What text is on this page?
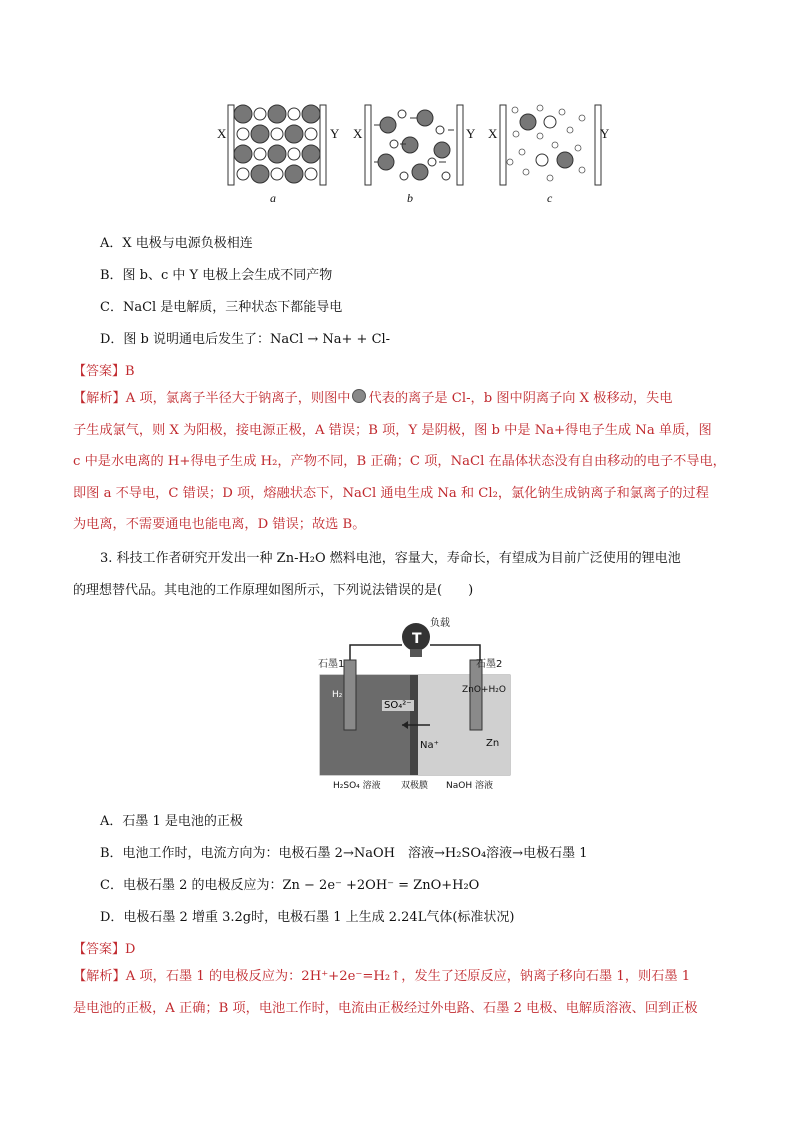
X	Y X	Y X	Y
a	b	c
A．X 电极与电源负极相连
B．图 b、c 中 Y 电极上会生成不同产物
C．NaCl 是电解质，三种状态下都能导电
D．图 b 说明通电后发生了：NaCl → Na+ + Cl-
【答案】B
【解析】A 项，氯离子半径大于钠离子，则图中 代表的离子是 Cl-，b 图中阴离子向 X 极移动，失电
子生成氯气，则 X 为阳极，接电源正极，A 错误；B 项，Y 是阴极，图 b 中是 Na+得电子生成 Na 单质，图
c 中是水电离的 H+得电子生成 H₂，产物不同，B 正确；C 项，NaCl 在晶体状态没有自由移动的电子不导电，
即图 a 不导电，C 错误；D 项，熔融状态下，NaCl 通电生成 Na 和 Cl₂，氯化钠生成钠离子和氯离子的过程
为电离，不需要通电也能电离，D 错误；故选 B。
3. 科技工作者研究开发出一种 Zn-H₂O 燃料电池，容量大，寿命长，有望成为目前广泛使用的锂电池
的理想替代品。其电池的工作原理如图所示，下列说法错误的是(　　)
T
负载
石墨1	石墨2
H₂
SO₄²⁻
Na⁺
ZnO+H₂O
Zn
H₂SO₄ 溶液 双极膜 NaOH 溶液
A．石墨 1 是电池的正极
B．电池工作时，电流方向为：电极石墨 2→NaOH　溶液→H₂SO₄溶液→电极石墨 1
C．电极石墨 2 的电极反应为：Zn − 2e⁻ +2OH⁻ = ZnO+H₂O
D．电极石墨 2 增重 3.2g时，电极石墨 1 上生成 2.24L气体(标准状况)
【答案】D
【解析】A 项，石墨 1 的电极反应为：2H⁺+2e⁻=H₂↑，发生了还原反应，钠离子移向石墨 1，则石墨 1
是电池的正极，A 正确；B 项，电池工作时，电流由正极经过外电路、石墨 2 电极、电解质溶液、回到正极
